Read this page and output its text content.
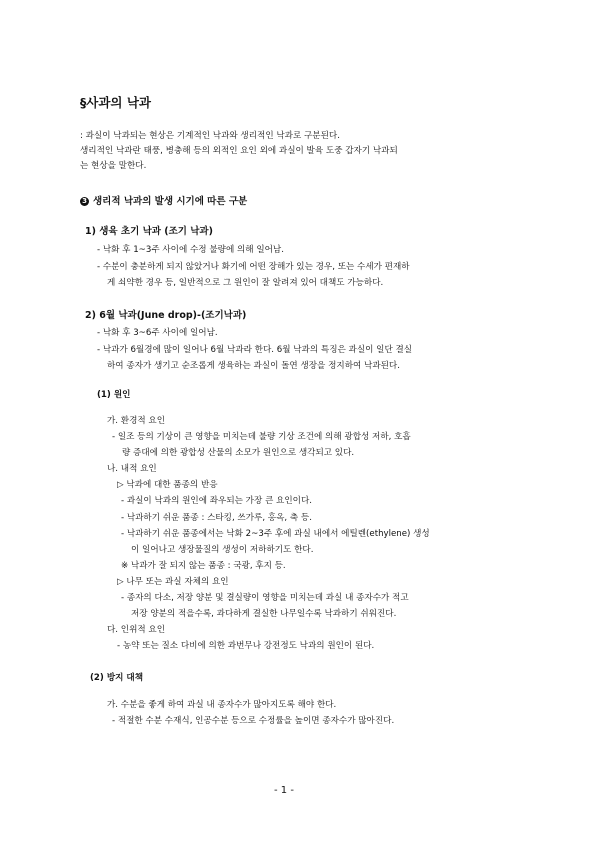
§사과의 낙과
: 과실이 낙과되는 현상은 기계적인 낙과와 생리적인 낙과로 구분된다.
생리적인 낙과란 태풍, 병충해 등의 외적인 요인 외에 과실이 발육 도중 갑자기 낙과되
는 현상을 말한다.
3 생리적 낙과의 발생 시기에 따른 구분
1) 생육 초기 낙과 (조기 낙과)
- 낙화 후 1~3주 사이에 수정 불량에 의해 일어남.
- 수분이 충분하게 되지 않았거나 화기에 어떤 장해가 있는 경우, 또는 수세가 편재하
게 쇠약한 경우 등, 일반적으로 그 원인이 잘 알려져 있어 대책도 가능하다.
2) 6월 낙과(June drop)-(조기낙과)
- 낙화 후 3~6주 사이에 일어남.
- 낙과가 6월경에 많이 일어나 6월 낙과라 한다. 6월 낙과의 특징은 과실이 일단 결실
하여 종자가 생기고 순조롭게 생육하는 과실이 돌연 생장을 정지하여 낙과된다.
(1) 원인
가. 환경적 요인
- 일조 등의 기상이 큰 영향을 미치는데 불량 기상 조건에 의해 광합성 저하, 호흡
량 증대에 의한 광합성 산물의 소모가 원인으로 생각되고 있다.
나. 내적 요인
▷ 낙과에 대한 품종의 반응
- 과실이 낙과의 원인에 좌우되는 가장 큰 요인이다.
- 낙과하기 쉬운 품종 : 스타킹, 쓰가루, 홍옥, 축 등.
- 낙과하기 쉬운 품종에서는 낙화 2~3주 후에 과실 내에서 에틸렌(ethylene) 생성
이 일어나고 생장물질의 생성이 저하하기도 한다.
※ 낙과가 잘 되지 않는 품종 : 국광, 후지 등.
▷ 나무 또는 과실 자체의 요인
- 종자의 다소, 저장 양분 및 결실량이 영향을 미치는데 과실 내 종자수가 적고
저장 양분의 적을수록, 과다하게 결실한 나무일수록 낙과하기 쉬워진다.
다. 인위적 요인
- 농약 또는 질소 다비에 의한 과번무나 강전정도 낙과의 원인이 된다.
(2) 방지 대책
가. 수분을 좋게 하여 과실 내 종자수가 많아지도록 해야 한다.
- 적절한 수분 수재식, 인공수분 등으로 수정률을 높이면 종자수가 많아진다.
- 1 -
